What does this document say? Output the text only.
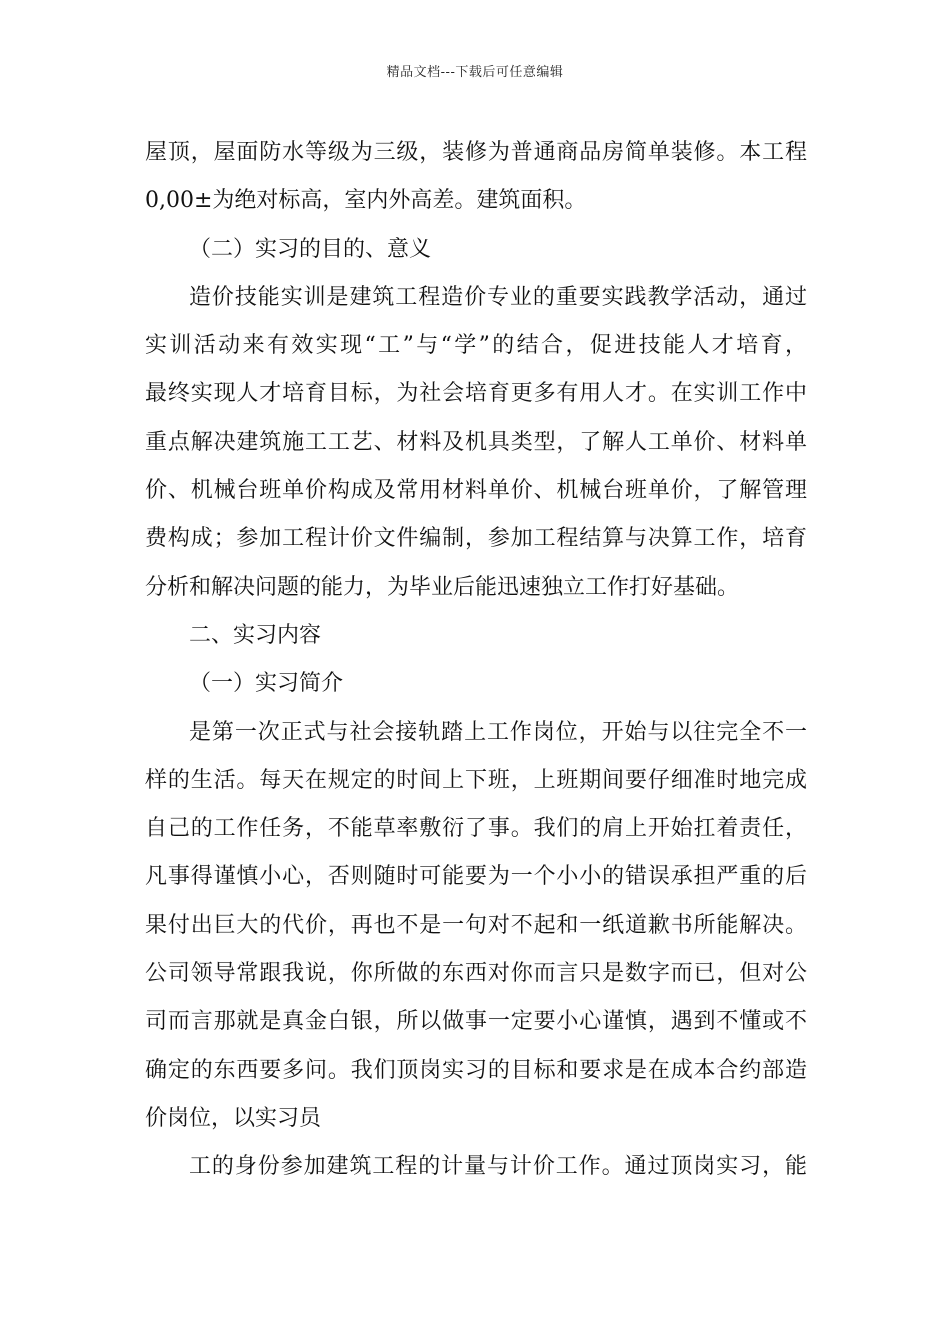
精品文档---下载后可任意编辑
屋顶，屋面防水等级为三级，装修为普通商品房简单装修。本工程
0,00±为绝对标高，室内外高差。建筑面积。
（二）实习的目的、意义
造价技能实训是建筑工程造价专业的重要实践教学活动，通过
实训活动来有效实现“工”与“学”的结合，促进技能人才培育，
最终实现人才培育目标，为社会培育更多有用人才。在实训工作中
重点解决建筑施工工艺、材料及机具类型，了解人工单价、材料单
价、机械台班单价构成及常用材料单价、机械台班单价，了解管理
费构成；参加工程计价文件编制，参加工程结算与决算工作，培育
分析和解决问题的能力，为毕业后能迅速独立工作打好基础。
二、实习内容
（一）实习简介
是第一次正式与社会接轨踏上工作岗位，开始与以往完全不一
样的生活。每天在规定的时间上下班，上班期间要仔细准时地完成
自己的工作任务，不能草率敷衍了事。我们的肩上开始扛着责任，
凡事得谨慎小心，否则随时可能要为一个小小的错误承担严重的后
果付出巨大的代价，再也不是一句对不起和一纸道歉书所能解决。
公司领导常跟我说，你所做的东西对你而言只是数字而已，但对公
司而言那就是真金白银，所以做事一定要小心谨慎，遇到不懂或不
确定的东西要多问。我们顶岗实习的目标和要求是在成本合约部造
价岗位，以实习员
工的身份参加建筑工程的计量与计价工作。通过顶岗实习，能
